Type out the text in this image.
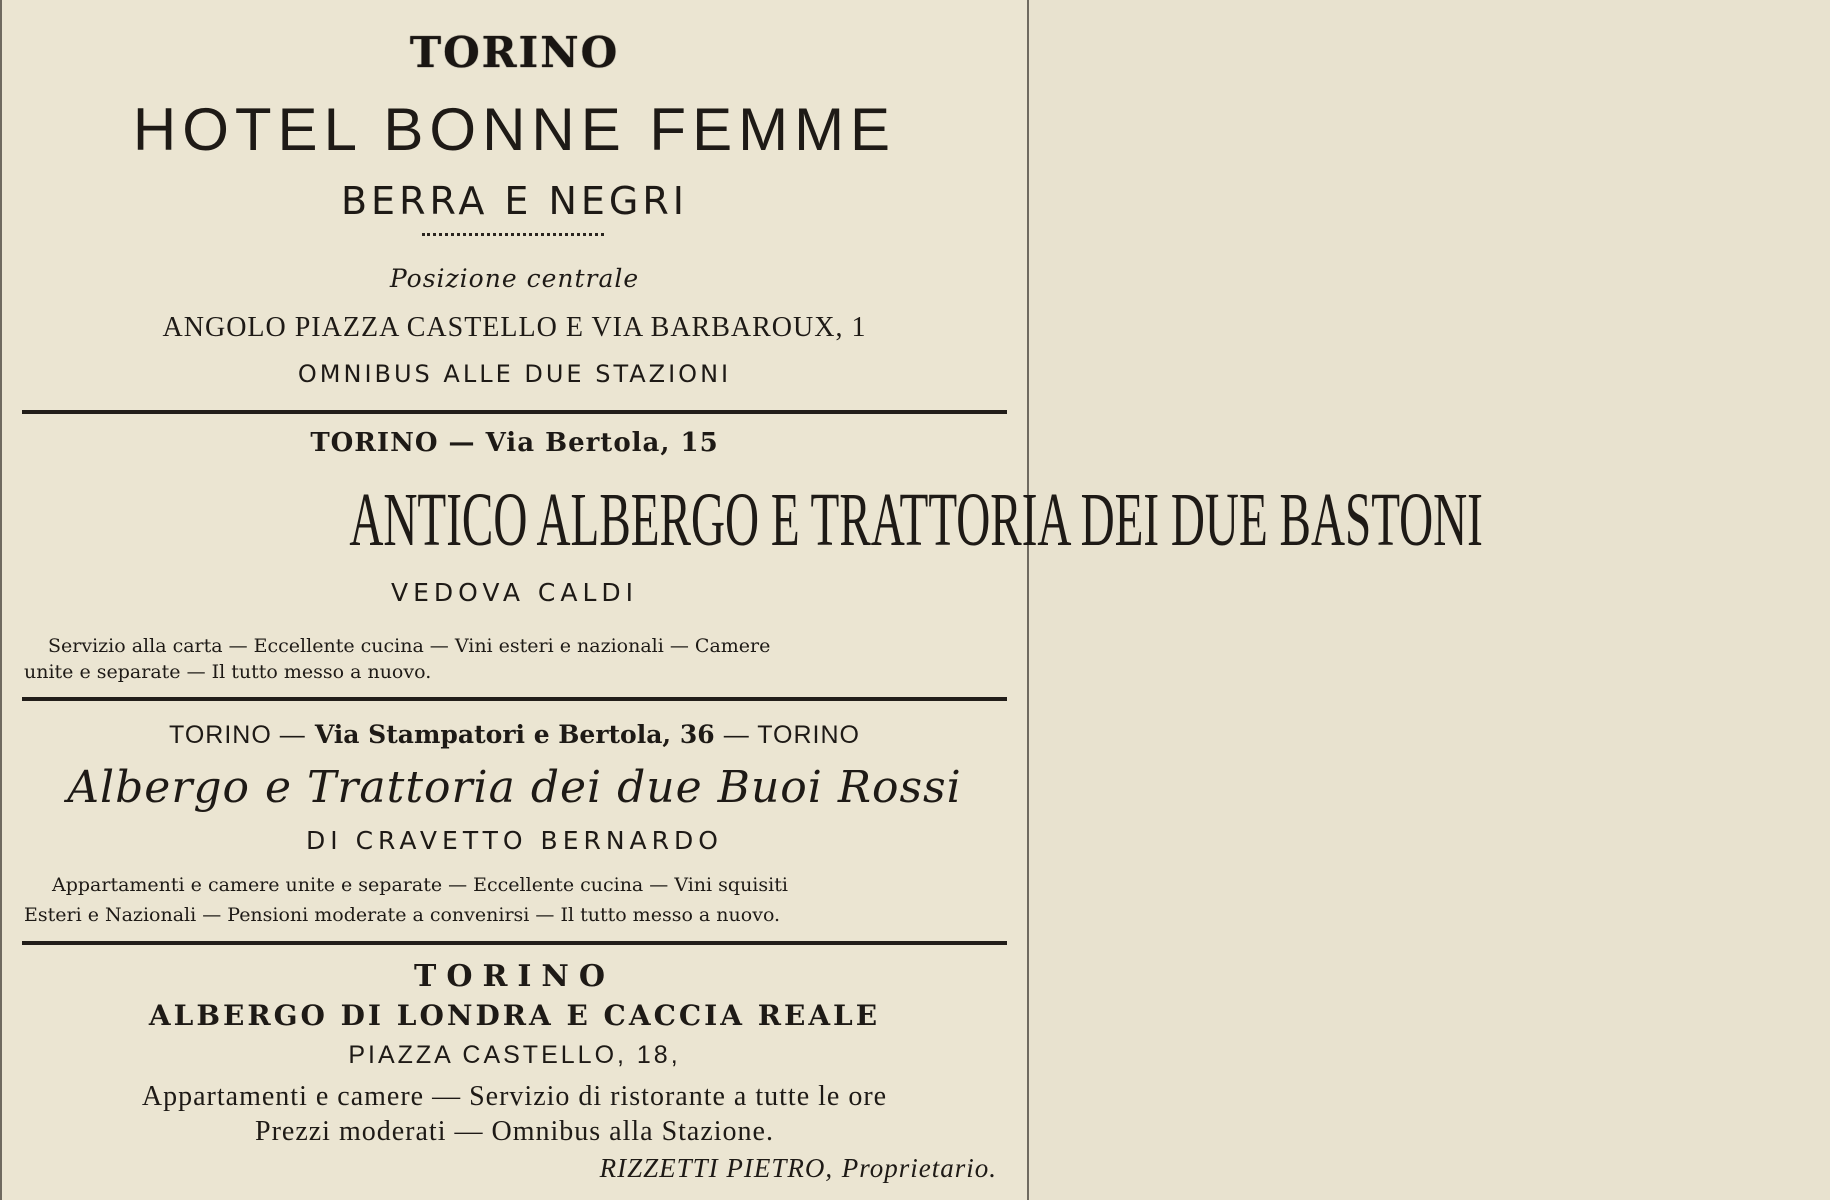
TORINO
HOTEL BONNE FEMME
BERRA E NEGRI
Posizione centrale
ANGOLO PIAZZA CASTELLO E VIA BARBAROUX, 1
OMNIBUS ALLE DUE STAZIONI
TORINO — Via Bertola, 15
ANTICO ALBERGO E TRATTORIA DEI DUE BASTONI
VEDOVA CALDI
Servizio alla carta — Eccellente cucina — Vini esteri e nazionali — Camere
unite e separate — Il tutto messo a nuovo.
TORINO — Via Stampatori e Bertola, 36 — TORINO
Albergo e Trattoria dei due Buoi Rossi
DI CRAVETTO BERNARDO
Appartamenti e camere unite e separate — Eccellente cucina — Vini squisiti
Esteri e Nazionali — Pensioni moderate a convenirsi — Il tutto messo a nuovo.
TORINO
ALBERGO DI LONDRA E CACCIA REALE
PIAZZA CASTELLO, 18,
Appartamenti e camere — Servizio di ristorante a tutte le ore
Prezzi moderati — Omnibus alla Stazione.
RIZZETTI PIETRO, Proprietario.
